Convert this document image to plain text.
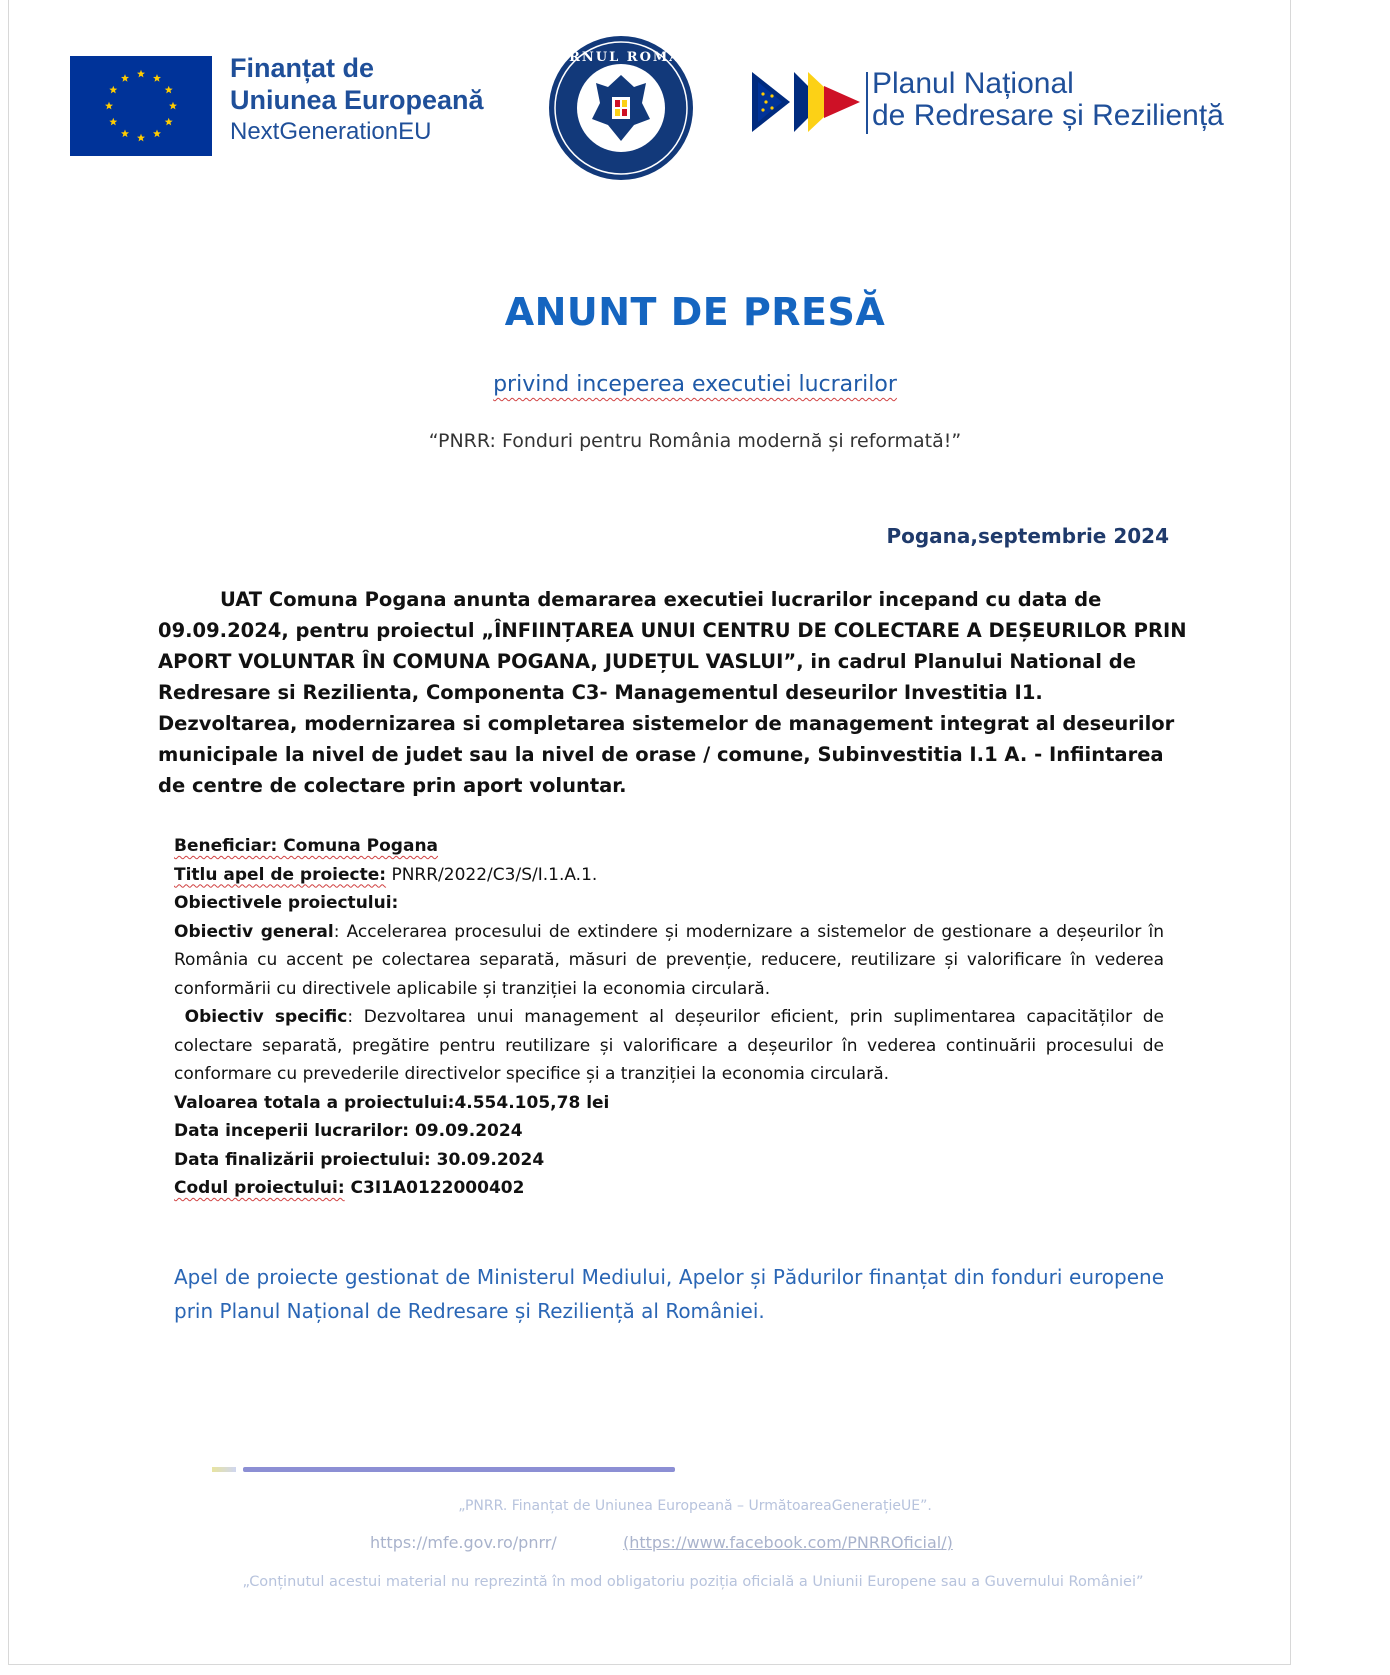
Finanțat de
Uniunea Europeană
NextGenerationEU
GUVERNUL ROMÂNIEI
Planul Național
de Redresare și Reziliență
ANUNT DE PRESĂ
privind inceperea executiei lucrarilor
“PNRR: Fonduri pentru România modernă și reformată!”
Pogana,septembrie 2024
UAT Comuna Pogana anunta demararea executiei lucrarilor incepand cu data de 09.09.2024, pentru proiectul „ÎNFIINȚAREA UNUI CENTRU DE COLECTARE A DEȘEURILOR PRIN APORT VOLUNTAR ÎN COMUNA POGANA, JUDEȚUL VASLUI”, in cadrul Planului National de Redresare si Rezilienta, Componenta C3- Managementul deseurilor Investitia I1. Dezvoltarea, modernizarea si completarea sistemelor de management integrat al deseurilor municipale la nivel de judet sau la nivel de orase / comune, Subinvestitia I.1 A. - Infiintarea de centre de colectare prin aport voluntar.

Beneficiar: Comuna Pogana

Titlu apel de proiecte: PNRR/2022/C3/S/I.1.A.1.

Obiectivele proiectului:

Obiectiv general: Accelerarea procesului de extindere și modernizare a sistemelor de gestionare a deșeurilor în România cu accent pe colectarea separată, măsuri de prevenție, reducere, reutilizare și valorificare în vederea conformării cu directivele aplicabile și tranziției la economia circulară.

Obiectiv specific: Dezvoltarea unui management al deșeurilor eficient, prin suplimentarea capacităților de colectare separată, pregătire pentru reutilizare și valorificare a deșeurilor în vederea continuării procesului de conformare cu prevederile directivelor specifice și a tranziției la economia circulară.

Valoarea totala a proiectului:4.554.105,78 lei

Data inceperii lucrarilor: 09.09.2024

Data finalizării proiectului: 30.09.2024

Codul proiectului: C3I1A0122000402

Apel de proiecte gestionat de Ministerul Mediului, Apelor și Pădurilor finanțat din fonduri europene prin Planul Național de Redresare și Reziliență al României.
„PNRR. Finanțat de Uniunea Europeană – UrmătoareaGenerațieUE”.
https://mfe.gov.ro/pnrr/	(https://www.facebook.com/PNRROficial/)
„Conținutul acestui material nu reprezintă în mod obligatoriu poziția oficială a Uniunii Europene sau a Guvernului României”
